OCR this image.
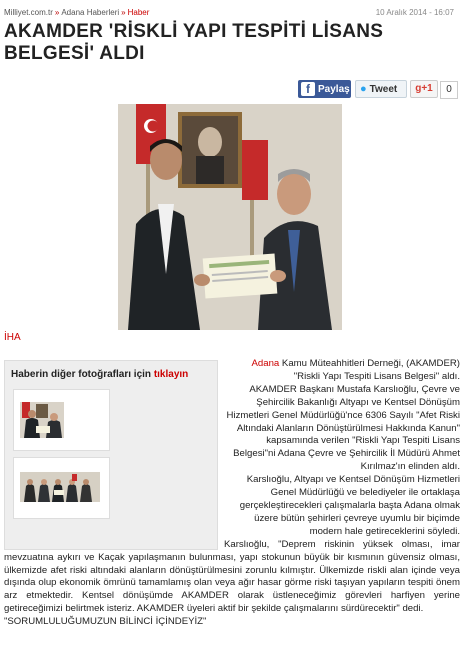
Milliyet.com.tr » Adana Haberleri » Haber	10 Aralık 2014 - 16:07
AKAMDER 'RİSKLİ YAPI TESPİTİ LİSANS BELGESİ' ALDI
f Paylaş ● Tweet	g+1	0
İHA
Haberin diğer fotoğrafları için tıklayın

Adana Kamu Müteahhitleri Derneği, (AKAMDER) "Riskli Yapı Tespiti Lisans Belgesi" aldı.

AKAMDER Başkanı Mustafa Karslıoğlu, Çevre ve Şehircilik Bakanlığı Altyapı ve Kentsel Dönüşüm Hizmetleri Genel Müdürlüğü'nce 6306 Sayılı "Afet Riski Altındaki Alanların Dönüştürülmesi Hakkında Kanun" kapsamında verilen "Riskli Yapı Tespiti Lisans Belgesi"ni Adana Çevre ve Şehircilik İl Müdürü Ahmet Kırılmaz'ın elinden aldı.

Karslıoğlu, Altyapı ve Kentsel Dönüşüm Hizmetleri Genel Müdürlüğü ve belediyeler ile ortaklaşa gerçekleştirecekleri çalışmalarla başta Adana olmak üzere bütün şehirleri çevreye uyumlu bir biçimde modern hale getireceklerini söyledi.

Karslıoğlu, "Deprem riskinin yüksek olması, imar mevzuatına aykırı ve Kaçak yapılaşmanın bulunması, yapı stokunun büyük bir kısmının güvensiz olması, ülkemizde afet riski altındaki alanların dönüştürülmesini zorunlu kılmıştır. Ülkemizde riskli alan içinde veya dışında olup ekonomik ömrünü tamamlamış olan veya ağır hasar görme riski taşıyan yapıların tespiti önem arz etmektedir. Kentsel dönüşümde AKAMDER olarak üstleneceğimiz görevleri harfiyen yerine getireceğimizi belirtmek isteriz. AKAMDER üyeleri aktif bir şekilde çalışmalarını sürdürecektir" dedi.

"SORUMLULUĞUMUZUN BİLİNCİ İÇİNDEYİZ"
